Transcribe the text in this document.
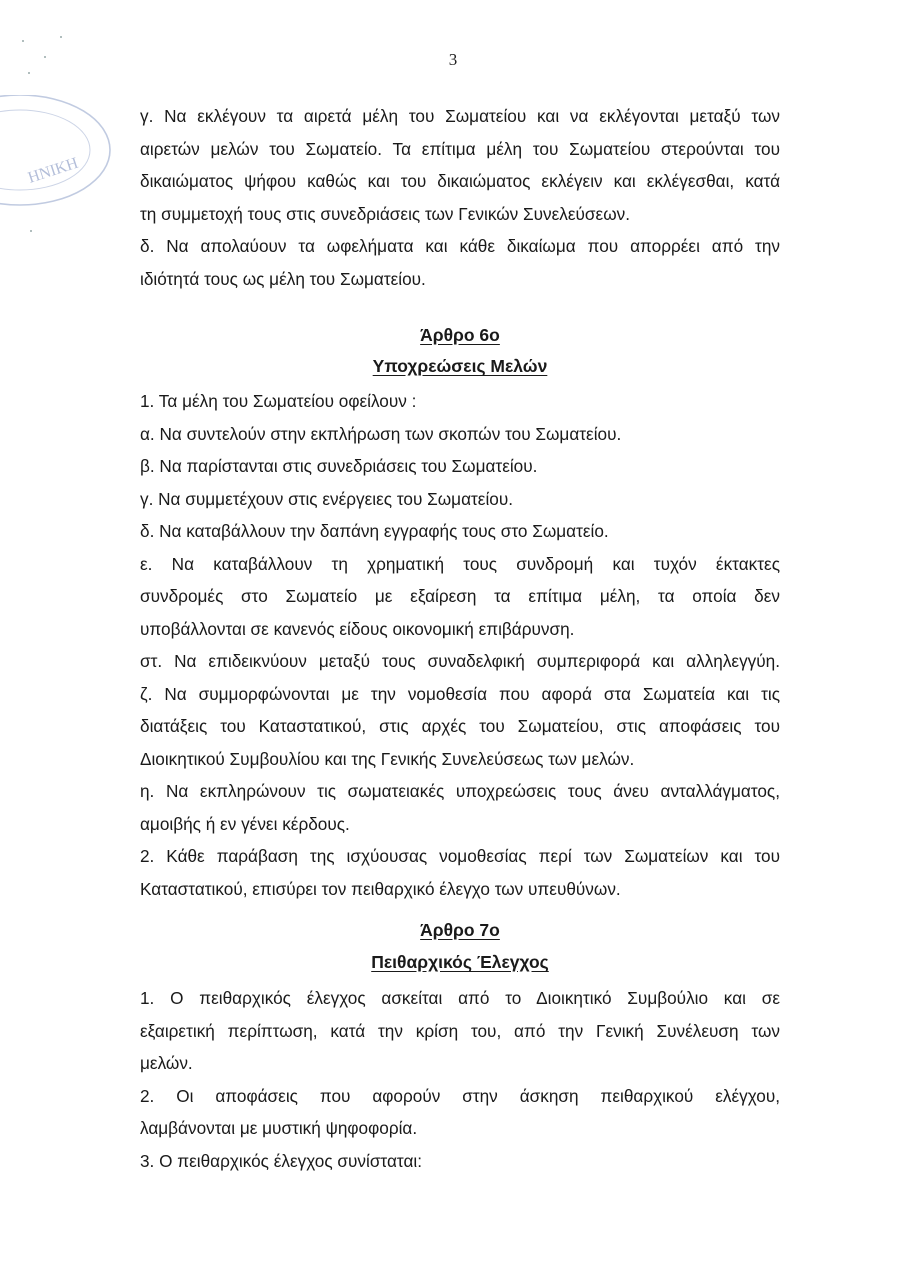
ΗΝΙΚΗ
3
γ. Να εκλέγουν τα αιρετά μέλη του Σωματείου και να εκλέγονται μεταξύ των
αιρετών μελών του Σωματείο. Τα επίτιμα μέλη του Σωματείου στερούνται του
δικαιώματος ψήφου καθώς και του δικαιώματος εκλέγειν και εκλέγεσθαι, κατά
τη συμμετοχή τους στις συνεδριάσεις των Γενικών Συνελεύσεων.
δ. Να απολαύουν τα ωφελήματα και κάθε δικαίωμα που απορρέει από την
ιδιότητά τους ως μέλη του Σωματείου.
Άρθρο 6ο
Υποχρεώσεις Μελών
1. Τα μέλη του Σωματείου οφείλουν :
α. Να συντελούν στην εκπλήρωση των σκοπών του Σωματείου.
β. Να παρίστανται στις συνεδριάσεις του Σωματείου.
γ. Να συμμετέχουν στις ενέργειες του Σωματείου.
δ. Να καταβάλλουν την δαπάνη εγγραφής τους στο Σωματείο.
ε. Να καταβάλλουν τη χρηματική τους συνδρομή και τυχόν έκτακτες
συνδρομές στο Σωματείο με εξαίρεση τα επίτιμα μέλη, τα οποία δεν
υποβάλλονται σε κανενός είδους οικονομική επιβάρυνση.
στ. Να επιδεικνύουν μεταξύ τους συναδελφική συμπεριφορά και αλληλεγγύη.
ζ. Να συμμορφώνονται με την νομοθεσία που αφορά στα Σωματεία και τις
διατάξεις του Καταστατικού, στις αρχές του Σωματείου, στις αποφάσεις του
Διοικητικού Συμβουλίου και της Γενικής Συνελεύσεως των μελών.
η. Να εκπληρώνουν τις σωματειακές υποχρεώσεις τους άνευ ανταλλάγματος,
αμοιβής ή εν γένει κέρδους.
2. Κάθε παράβαση της ισχύουσας νομοθεσίας περί των Σωματείων και του
Καταστατικού, επισύρει τον πειθαρχικό έλεγχο των υπευθύνων.
Άρθρο 7ο
Πειθαρχικός Έλεγχος
1. Ο πειθαρχικός έλεγχος ασκείται από το Διοικητικό Συμβούλιο και σε
εξαιρετική περίπτωση, κατά την κρίση του, από την Γενική Συνέλευση των
μελών.
2. Οι αποφάσεις που αφορούν στην άσκηση πειθαρχικού ελέγχου,
λαμβάνονται με μυστική ψηφοφορία.
3. Ο πειθαρχικός έλεγχος συνίσταται:
